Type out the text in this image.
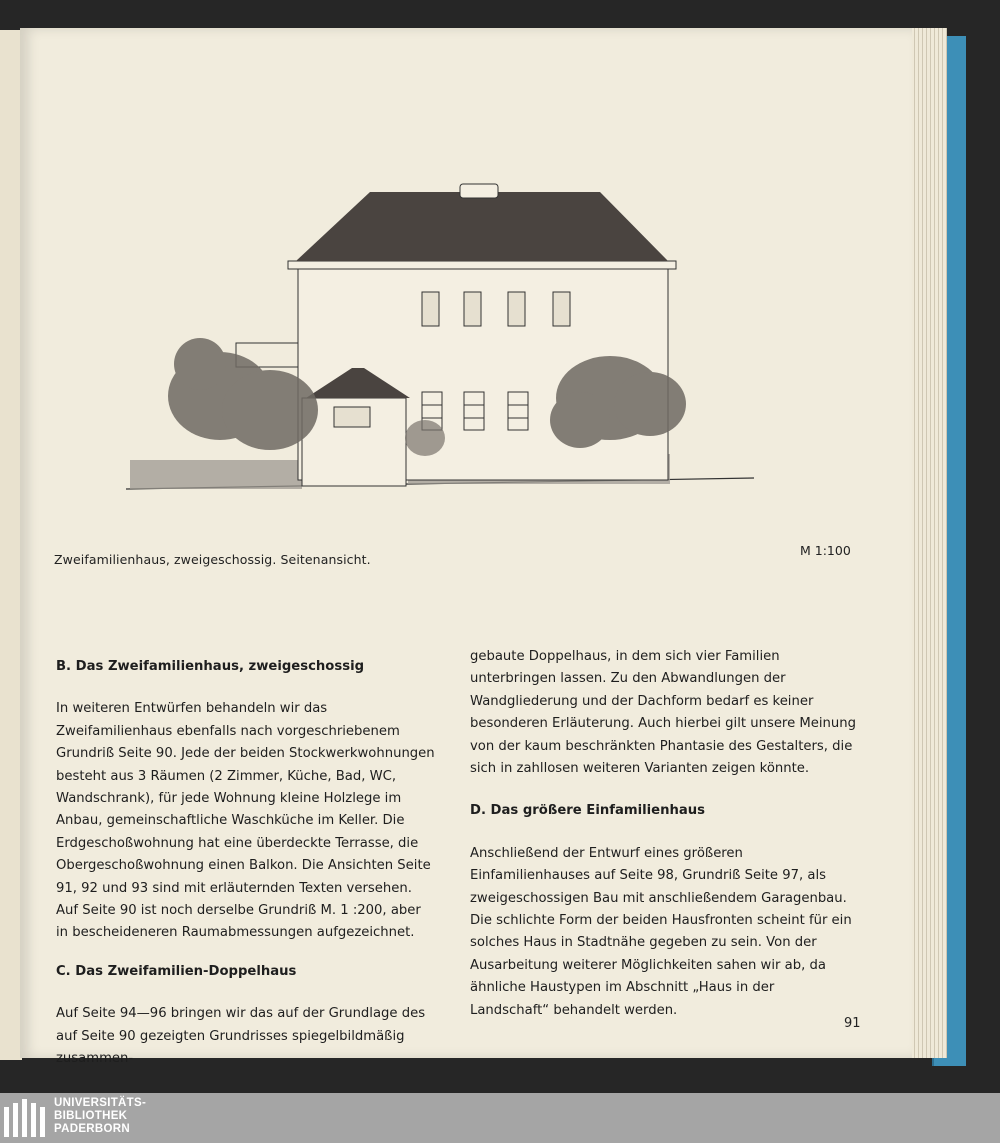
Zweifamilienhaus, zweigeschossig. Seitenansicht.
M 1:100
B. Das Zweifamilienhaus, zweigeschossig

In weiteren Entwürfen behandeln wir das Zweifamilienhaus ebenfalls nach vorgeschriebenem Grundriß Seite 90. Jede der beiden Stockwerkwohnungen besteht aus 3 Räumen (2 Zimmer, Küche, Bad, WC, Wandschrank), für jede Wohnung kleine Holzlege im Anbau, gemeinschaftliche Waschküche im Keller. Die Erdgeschoßwohnung hat eine überdeckte Terrasse, die Obergeschoßwohnung einen Balkon. Die Ansichten Seite 91, 92 und 93 sind mit erläuternden Texten versehen.

Auf Seite 90 ist noch derselbe Grundriß M. 1 :200, aber in bescheideneren Raumabmessungen aufgezeichnet.

C. Das Zweifamilien-Doppelhaus

Auf Seite 94—96 bringen wir das auf der Grundlage des auf Seite 90 gezeigten Grundrisses spiegelbildmäßig zusammen-

gebaute Doppelhaus, in dem sich vier Familien unterbringen lassen. Zu den Abwandlungen der Wandgliederung und der Dachform bedarf es keiner besonderen Erläuterung. Auch hierbei gilt unsere Meinung von der kaum beschränkten Phantasie des Gestalters, die sich in zahllosen weiteren Varianten zeigen könnte.

D. Das größere Einfamilienhaus

Anschließend der Entwurf eines größeren Einfamilienhauses auf Seite 98, Grundriß Seite 97, als zweigeschossigen Bau mit anschließendem Garagenbau. Die schlichte Form der beiden Hausfronten scheint für ein solches Haus in Stadtnähe gegeben zu sein. Von der Ausarbeitung weiterer Möglichkeiten sahen wir ab, da ähnliche Haustypen im Abschnitt „Haus in der Landschaft“ behandelt werden.

91
UNIVERSITÄTS-
BIBLIOTHEK
PADERBORN
